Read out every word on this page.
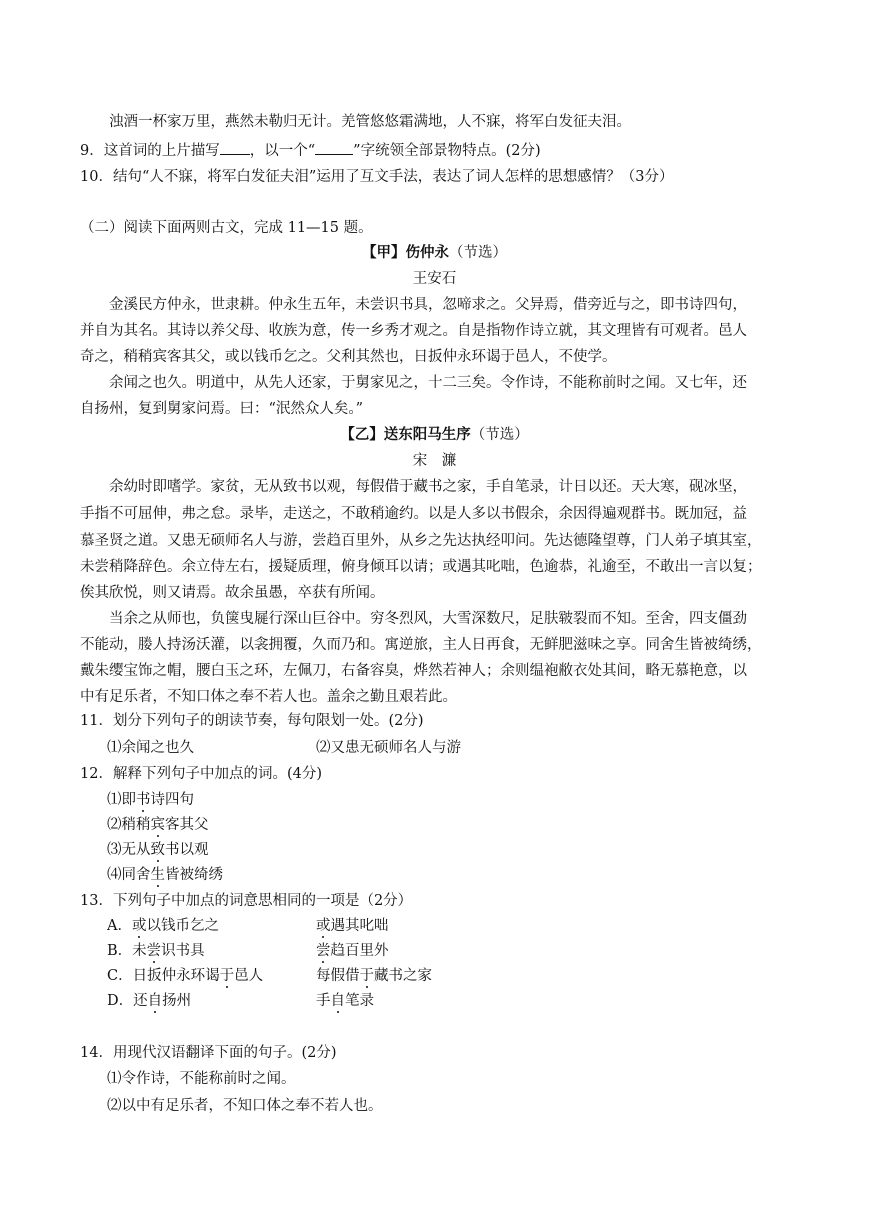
浊酒一杯家万里，燕然未勒归无计。羌管悠悠霜满地，人不寐，将军白发征夫泪。
9．这首词的上片描写 ，以一个“	”字统领全部景物特点。(2分)
10．结句“人不寐，将军白发征夫泪”运用了互文手法，表达了词人怎样的思想感情？（3分）
（二）阅读下面两则古文，完成 11—15 题。
【甲】伤仲永（节选）
王安石
金溪民方仲永，世隶耕。仲永生五年，未尝识书具，忽啼求之。父异焉，借旁近与之，即书诗四句，
并自为其名。其诗以养父母、收族为意，传一乡秀才观之。自是指物作诗立就，其文理皆有可观者。邑人
奇之，稍稍宾客其父，或以钱币乞之。父利其然也，日扳仲永环谒于邑人，不使学。
余闻之也久。明道中，从先人还家，于舅家见之，十二三矣。令作诗，不能称前时之闻。又七年，还
自扬州，复到舅家问焉。曰：“泯然众人矣。”
【乙】送东阳马生序（节选）
宋　濂
余幼时即嗜学。家贫，无从致书以观，每假借于藏书之家，手自笔录，计日以还。天大寒，砚冰坚，
手指不可屈伸，弗之怠。录毕，走送之，不敢稍逾约。以是人多以书假余，余因得遍观群书。既加冠，益
慕圣贤之道。又患无硕师名人与游，尝趋百里外，从乡之先达执经叩问。先达德隆望尊，门人弟子填其室，
未尝稍降辞色。余立侍左右，援疑质理，俯身倾耳以请；或遇其叱咄，色逾恭，礼逾至，不敢出一言以复；
俟其欣悦，则又请焉。故余虽愚，卒获有所闻。
当余之从师也，负箧曳屣行深山巨谷中。穷冬烈风，大雪深数尺，足肤皲裂而不知。至舍，四支僵劲
不能动，媵人持汤沃灌，以衾拥覆，久而乃和。寓逆旅，主人日再食，无鲜肥滋味之享。同舍生皆被绮绣，
戴朱缨宝饰之帽，腰白玉之环，左佩刀，右备容臭，烨然若神人；余则缊袍敝衣处其间，略无慕艳意，以
中有足乐者，不知口体之奉不若人也。盖余之勤且艰若此。
11．划分下列句子的朗读节奏，每句限划一处。(2分)
⑴余闻之也久	⑵又患无硕师名人与游
12．解释下列句子中加点的词。(4分)
⑴即书诗四句
⑵稍稍宾客其父
⑶无从致书以观
⑷同舍生皆被绮绣
13．下列句子中加点的词意思相同的一项是（2分）
A．或以钱币乞之	或遇其叱咄
B．未尝识书具	尝趋百里外
C．日扳仲永环谒于邑人	每假借于藏书之家
D．还自扬州	手自笔录
14．用现代汉语翻译下面的句子。(2分)
⑴令作诗，不能称前时之闻。
⑵以中有足乐者，不知口体之奉不若人也。
